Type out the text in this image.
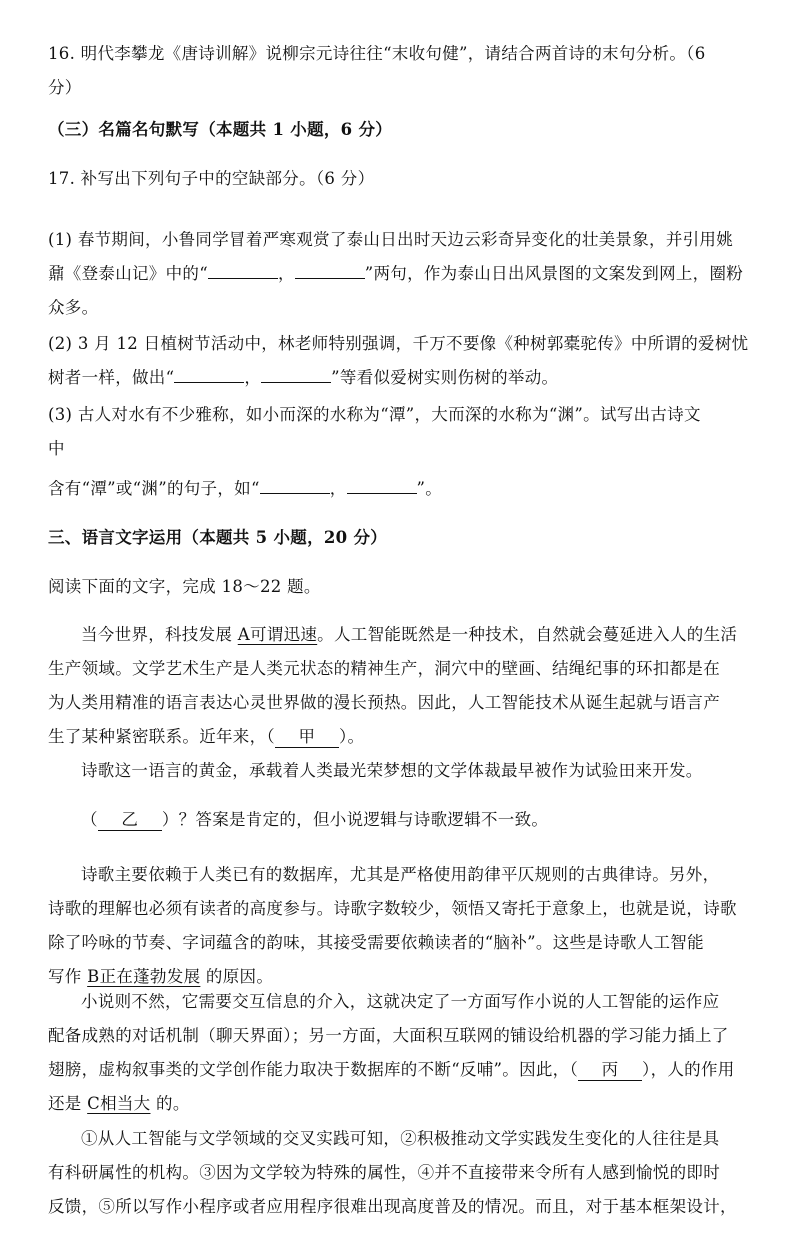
16. 明代李攀龙《唐诗训解》说柳宗元诗往往“末收句健”，请结合两首诗的末句分析。（6
分）
（三）名篇名句默写（本题共 1 小题，6 分）
17. 补写出下列句子中的空缺部分。（6 分）
(1) 春节期间，小鲁同学冒着严寒观赏了泰山日出时天边云彩奇异变化的壮美景象，并引用姚
鼐《登泰山记》中的“	，	”两句，作为泰山日出风景图的文案发到网上，圈粉
众多。
(2) 3 月 12 日植树节活动中，林老师特别强调，千万不要像《种树郭橐驼传》中所谓的爱树忧
树者一样，做出“	，	”等看似爱树实则伤树的举动。
(3) 古人对水有不少雅称，如小而深的水称为“潭”，大而深的水称为“渊”。试写出古诗文
中
含有“潭”或“渊”的句子，如“	，	”。
三、语言文字运用（本题共 5 小题，20 分）
阅读下面的文字，完成 18～22 题。
当今世界，科技发展 A可谓迅速。人工智能既然是一种技术，自然就会蔓延进入人的生活
生产领域。文学艺术生产是人类元状态的精神生产，洞穴中的壁画、结绳纪事的环扣都是在
为人类用精准的语言表达心灵世界做的漫长预热。因此，人工智能技术从诞生起就与语言产
生了某种紧密联系。近年来，（ 甲 ）。
诗歌这一语言的黄金，承载着人类最光荣梦想的文学体裁最早被作为试验田来开发。
（ 乙 ）？答案是肯定的，但小说逻辑与诗歌逻辑不一致。
诗歌主要依赖于人类已有的数据库，尤其是严格使用韵律平仄规则的古典律诗。另外，
诗歌的理解也必须有读者的高度参与。诗歌字数较少，领悟又寄托于意象上，也就是说，诗歌
除了吟咏的节奏、字词蕴含的韵味，其接受需要依赖读者的“脑补”。这些是诗歌人工智能
写作 B正在蓬勃发展 的原因。
小说则不然，它需要交互信息的介入，这就决定了一方面写作小说的人工智能的运作应
配备成熟的对话机制（聊天界面）；另一方面，大面积互联网的铺设给机器的学习能力插上了
翅膀，虚构叙事类的文学创作能力取决于数据库的不断“反哺”。因此，（ 丙 ），人的作用
还是 C相当大 的。
①从人工智能与文学领域的交叉实践可知，②积极推动文学实践发生变化的人往往是具
有科研属性的机构。③因为文学较为特殊的属性，④并不直接带来令所有人感到愉悦的即时
反馈，⑤所以写作小程序或者应用程序很难出现高度普及的情况。而且，对于基本框架设计，
